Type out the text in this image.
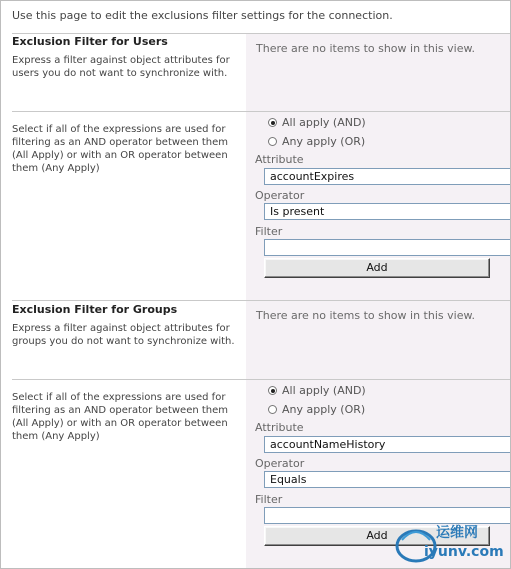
Use this page to edit the exclusions filter settings for the connection.
There are no items to show in this view.
Exclusion Filter for Users
Express a filter against object attributes for users you do not want to synchronize with.
All apply (AND)
Any apply (OR)
Attribute
accountExpires
Operator
Is present
Filter
Add
Select if all of the expressions are used for filtering as an AND operator between them (All Apply) or with an OR operator between them (Any Apply)
There are no items to show in this view.
Exclusion Filter for Groups
Express a filter against object attributes for groups you do not want to synchronize with.
All apply (AND)
Any apply (OR)
Attribute
accountNameHistory
Operator
Equals
Filter
Add
Select if all of the expressions are used for filtering as an AND operator between them (All Apply) or with an OR operator between them (Any Apply)
运维网
iyunv.com
